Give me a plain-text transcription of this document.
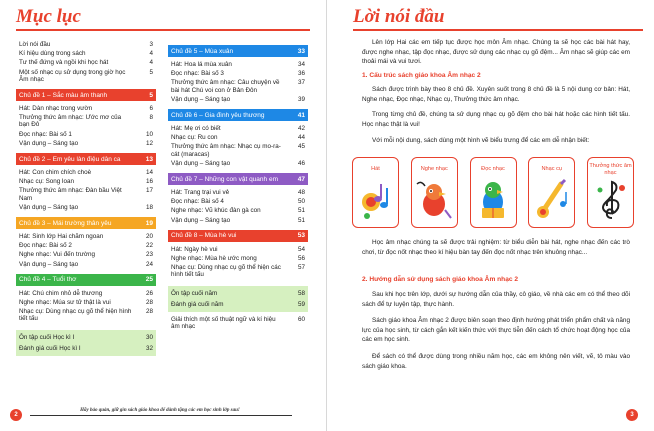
Mục lục
Lời nói đầu	3
Kí hiệu dùng trong sách	4
Tư thế đứng và ngồi khi học hát	4
Một số nhạc cụ sử dụng trong giờ học Âm nhạc
5
Chủ đề 1 – Sắc màu âm thanh	5
Hát: Dàn nhạc trong vườn	6
Thưởng thức âm nhạc: Ước mơ của bạn Đô
8
Đọc nhạc: Bài số 1	10
Vận dụng – Sáng tạo	12
Chủ đề 2 – Em yêu làn điệu dân ca	13
Hát: Con chim chích choè	14
Nhạc cụ: Song loan	16
Thưởng thức âm nhạc: Đàn bầu Việt Nam
17
Vận dụng – Sáng tạo	18
Chủ đề 3 – Mái trường thân yêu	19
Hát: Sinh lớp Hai chăm ngoan	20
Đọc nhạc: Bài số 2	22
Nghe nhạc: Vui đến trường	23
Vận dụng – Sáng tạo	24
Chủ đề 4 – Tuổi thơ	25
Hát: Chú chim nhỏ dễ thương	26
Nghe nhạc: Múa sư tử thật là vui	28
Nhạc cụ: Dùng nhạc cụ gõ thể hiện hình tiết tấu
28
Ôn tập cuối Học kì I	30
Đánh giá cuối Học kì I	32
Chủ đề 5 – Mùa xuân	33
Hát: Hoa lá mùa xuân	34
Đọc nhạc: Bài số 3	36
Thưởng thức âm nhạc: Câu chuyện về bài hát Chú voi con ở Bản Đôn
37
Vận dụng – Sáng tạo	39
Chủ đề 6 – Gia đình yêu thương	41
Hát: Mẹ ơi có biết	42
Nhạc cụ: Ru con	44
Thưởng thức âm nhạc: Nhạc cụ mo-ra-cát (maracas)
45
Vận dụng – Sáng tạo	46
Chủ đề 7 – Những con vật quanh em	47
Hát: Trang trại vui vẻ	48
Đọc nhạc: Bài số 4	50
Nghe nhạc: Vũ khúc đàn gà con	51
Vận dụng – Sáng tạo	51
Chủ đề 8 – Mùa hè vui	53
Hát: Ngày hè vui	54
Nghe nhạc: Mùa hè ước mong	56
Nhạc cụ: Dùng nhạc cụ gõ thể hiện các hình tiết tấu
57
Ôn tập cuối năm	58
Đánh giá cuối năm	59
Giải thích một số thuật ngữ và kí hiệu âm nhạc
60
Hãy bảo quản, giữ gìn sách giáo khoa để dành tặng các em học sinh lớp sau!
2
Lời nói đầu
3

Lên lớp Hai các em tiếp tục được học môn Âm nhạc. Chúng ta sẽ học các bài hát hay, được nghe nhạc, tập đọc nhạc, được sử dụng các nhạc cụ gõ đệm... Âm nhạc sẽ giúp các em thoải mái và vui tươi.

1. Cấu trúc sách giáo khoa Âm nhạc 2

Sách được trình bày theo 8 chủ đề. Xuyên suốt trong 8 chủ đề là 5 nội dung cơ bản: Hát, Nghe nhạc, Đọc nhạc, Nhạc cụ, Thưởng thức âm nhạc.

Trong từng chủ đề, chúng ta sử dụng nhạc cụ gõ đệm cho bài hát hoặc các hình tiết tấu. Học nhạc thật là vui!

Với mỗi nội dung, sách dùng một hình vẽ biểu trưng để các em dễ nhận biết:

Hát	Nghe nhạc	Đọc nhạc	Nhạc cụ
Thưởng thức âm nhạc

Học âm nhạc chúng ta sẽ được trải nghiệm: từ biểu diễn bài hát, nghe nhạc đến các trò chơi, từ đọc nốt nhạc theo kí hiệu bàn tay đến đọc nốt nhạc trên khuông nhạc...

2. Hướng dẫn sử dụng sách giáo khoa Âm nhạc 2

Sau khi học trên lớp, dưới sự hướng dẫn của thầy, cô giáo, về nhà các em có thể theo dõi sách để tự luyện tập, thực hành.

Sách giáo khoa Âm nhạc 2 được biên soạn theo định hướng phát triển phẩm chất và năng lực của học sinh, từ cách gắn kết kiến thức với thực tiễn đến cách tổ chức hoạt động học của các em học sinh.

Để sách có thể được dùng trong nhiều năm học, các em không nên viết, vẽ, tô màu vào sách giáo khoa.
